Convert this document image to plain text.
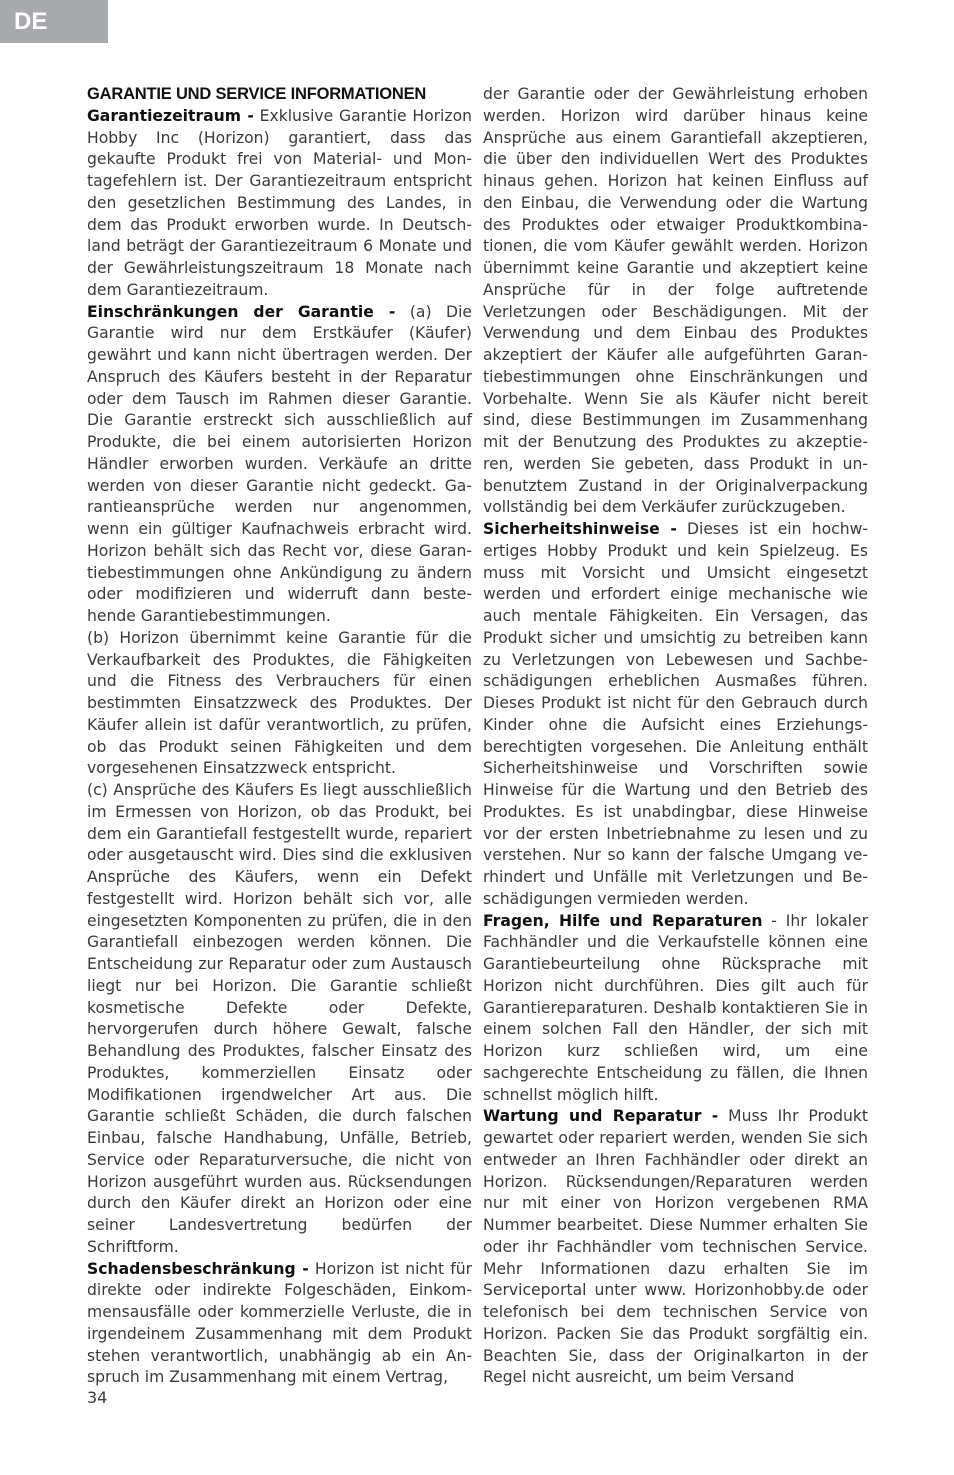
DE

GARANTIE UND SERVICE INFORMATIONEN

Garantiezeitraum - Exklusive Garantie Horizon Hobby Inc (Horizon) garantiert, dass das gekaufte Produkt frei von Material- und Montagefehlern ist. Der Garantiezeitraum entspricht den gesetzlichen Bestimmung des Landes, in dem das Produkt erworben wurde. In Deutschland beträgt der Garantiezeitraum 6 Monate und der Gewährleistungszeitraum 18 Monate nach dem Garantiezeitraum.

Einschränkungen der Garantie - (a) Die Garantie wird nur dem Erstkäufer (Käufer) gewährt und kann nicht übertragen werden. Der Anspruch des Käufers besteht in der Reparatur oder dem Tausch im Rahmen dieser Garantie. Die Garantie erstreckt sich ausschließlich auf Produkte, die bei einem autorisierten Horizon Händler erworben wurden. Verkäufe an dritte werden von dieser Garantie nicht gedeckt. Garantieansprüche werden nur angenommen, wenn ein gültiger Kaufnachweis erbracht wird. Horizon behält sich das Recht vor, diese Garantiebestimmungen ohne Ankündigung zu ändern oder modifizieren und widerruft dann bestehende Garantiebestimmungen.

(b) Horizon übernimmt keine Garantie für die Verkaufbarkeit des Produktes, die Fähigkeiten und die Fitness des Verbrauchers für einen bestimmten Einsatzzweck des Produktes. Der Käufer allein ist dafür verantwortlich, zu prüfen, ob das Produkt seinen Fähigkeiten und dem vorgesehenen Einsatzzweck entspricht.

(c) Ansprüche des Käufers Es liegt ausschließlich im Ermessen von Horizon, ob das Produkt, bei dem ein Garantiefall festgestellt wurde, repariert oder ausgetauscht wird. Dies sind die exklusiven Ansprüche des Käufers, wenn ein Defekt festgestellt wird. Horizon behält sich vor, alle eingesetzten Komponenten zu prüfen, die in den Garantiefall einbezogen werden können. Die Entscheidung zur Reparatur oder zum Austausch liegt nur bei Horizon. Die Garantie schließt kosmetische Defekte oder Defekte, hervorgerufen durch höhere Gewalt, falsche Behandlung des Produktes, falscher Einsatz des Produktes, kommerziellen Einsatz oder Modifikationen irgendwelcher Art aus. Die Garantie schließt Schäden, die durch falschen Einbau, falsche Handhabung, Unfälle, Betrieb, Service oder Reparaturversuche, die nicht von Horizon ausgeführt wurden aus. Rücksendungen durch den Käufer direkt an Horizon oder eine seiner Landesvertretung bedürfen der Schriftform.

Schadensbeschränkung - Horizon ist nicht für direkte oder indirekte Folgeschäden, Einkommensausfälle oder kommerzielle Verluste, die in irgendeinem Zusammenhang mit dem Produkt stehen verantwortlich, unabhängig ab ein Anspruch im Zusammenhang mit einem Vertrag,

der Garantie oder der Gewährleistung erhoben werden. Horizon wird darüber hinaus keine Ansprüche aus einem Garantiefall akzeptieren, die über den individuellen Wert des Produktes hinaus gehen. Horizon hat keinen Einfluss auf den Einbau, die Verwendung oder die Wartung des Produktes oder etwaiger Produktkombinationen, die vom Käufer gewählt werden. Horizon übernimmt keine Garantie und akzeptiert keine Ansprüche für in der folge auftretende Verletzungen oder Beschädigungen. Mit der Verwendung und dem Einbau des Produktes akzeptiert der Käufer alle aufgeführten Garantiebestimmungen ohne Einschränkungen und Vorbehalte. Wenn Sie als Käufer nicht bereit sind, diese Bestimmungen im Zusammenhang mit der Benutzung des Produktes zu akzeptieren, werden Sie gebeten, dass Produkt in unbenutztem Zustand in der Originalverpackung vollständig bei dem Verkäufer zurückzugeben.

Sicherheitshinweise - Dieses ist ein hochwertiges Hobby Produkt und kein Spielzeug. Es muss mit Vorsicht und Umsicht eingesetzt werden und erfordert einige mechanische wie auch mentale Fähigkeiten. Ein Versagen, das Produkt sicher und umsichtig zu betreiben kann zu Verletzungen von Lebewesen und Sachbeschädigungen erheblichen Ausmaßes führen. Dieses Produkt ist nicht für den Gebrauch durch Kinder ohne die Aufsicht eines Erziehungsberechtigten vorgesehen. Die Anleitung enthält Sicherheitshinweise und Vorschriften sowie Hinweise für die Wartung und den Betrieb des Produktes. Es ist unabdingbar, diese Hinweise vor der ersten Inbetriebnahme zu lesen und zu verstehen. Nur so kann der falsche Umgang verhindert und Unfälle mit Verletzungen und Beschädigungen vermieden werden.

Fragen, Hilfe und Reparaturen - Ihr lokaler Fachhändler und die Verkaufstelle können eine Garantiebeurteilung ohne Rücksprache mit Horizon nicht durchführen. Dies gilt auch für Garantiereparaturen. Deshalb kontaktieren Sie in einem solchen Fall den Händler, der sich mit Horizon kurz schließen wird, um eine sachgerechte Entscheidung zu fällen, die Ihnen schnellst möglich hilft.

Wartung und Reparatur - Muss Ihr Produkt gewartet oder repariert werden, wenden Sie sich entweder an Ihren Fachhändler oder direkt an Horizon. Rücksendungen/Reparaturen werden nur mit einer von Horizon vergebenen RMA Nummer bearbeitet. Diese Nummer erhalten Sie oder ihr Fachhändler vom technischen Service. Mehr Informationen dazu erhalten Sie im Serviceportal unter www. Horizonhobby.de oder telefonisch bei dem technischen Service von Horizon. Packen Sie das Produkt sorgfältig ein. Beachten Sie, dass der Originalkarton in der Regel nicht ausreicht, um beim Versand

34
